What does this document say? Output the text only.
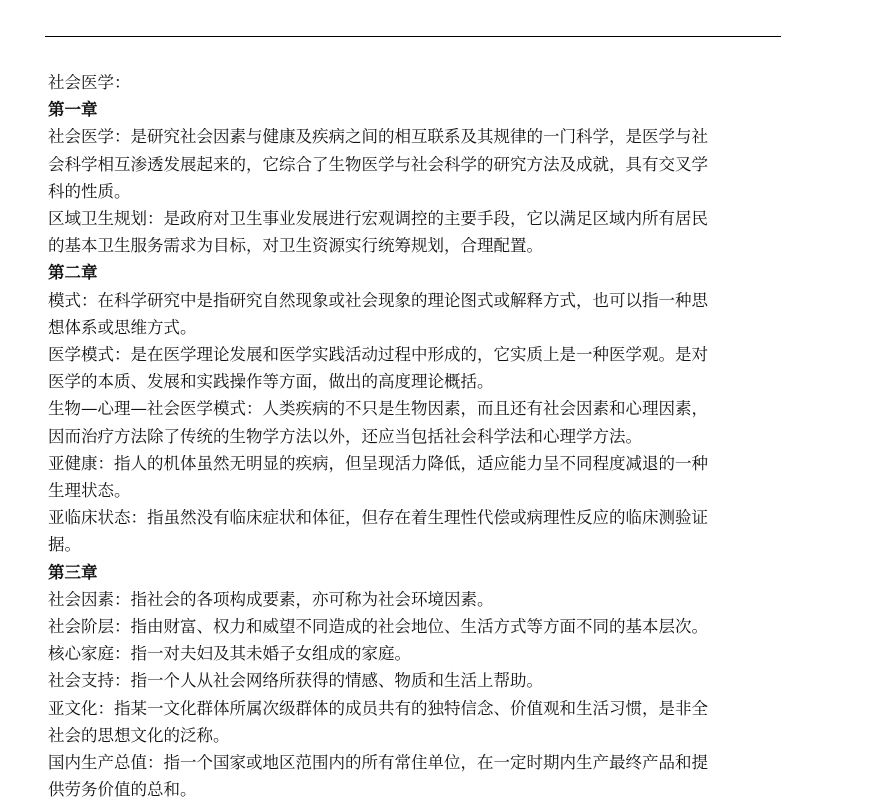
社会医学：
第一章
社会医学：是研究社会因素与健康及疾病之间的相互联系及其规律的一门科学，是医学与社
会科学相互渗透发展起来的，它综合了生物医学与社会科学的研究方法及成就，具有交叉学
科的性质。
区域卫生规划：是政府对卫生事业发展进行宏观调控的主要手段，它以满足区域内所有居民
的基本卫生服务需求为目标，对卫生资源实行统筹规划，合理配置。
第二章
模式：在科学研究中是指研究自然现象或社会现象的理论图式或解释方式，也可以指一种思
想体系或思维方式。
医学模式：是在医学理论发展和医学实践活动过程中形成的，它实质上是一种医学观。是对
医学的本质、发展和实践操作等方面，做出的高度理论概括。
生物—心理—社会医学模式：人类疾病的不只是生物因素，而且还有社会因素和心理因素，
因而治疗方法除了传统的生物学方法以外，还应当包括社会科学法和心理学方法。
亚健康：指人的机体虽然无明显的疾病，但呈现活力降低，适应能力呈不同程度减退的一种
生理状态。
亚临床状态：指虽然没有临床症状和体征，但存在着生理性代偿或病理性反应的临床测验证
据。
第三章
社会因素：指社会的各项构成要素，亦可称为社会环境因素。
社会阶层：指由财富、权力和威望不同造成的社会地位、生活方式等方面不同的基本层次。
核心家庭：指一对夫妇及其未婚子女组成的家庭。
社会支持：指一个人从社会网络所获得的情感、物质和生活上帮助。
亚文化：指某一文化群体所属次级群体的成员共有的独特信念、价值观和生活习惯，是非全
社会的思想文化的泛称。
国内生产总值：指一个国家或地区范围内的所有常住单位，在一定时期内生产最终产品和提
供劳务价值的总和。
